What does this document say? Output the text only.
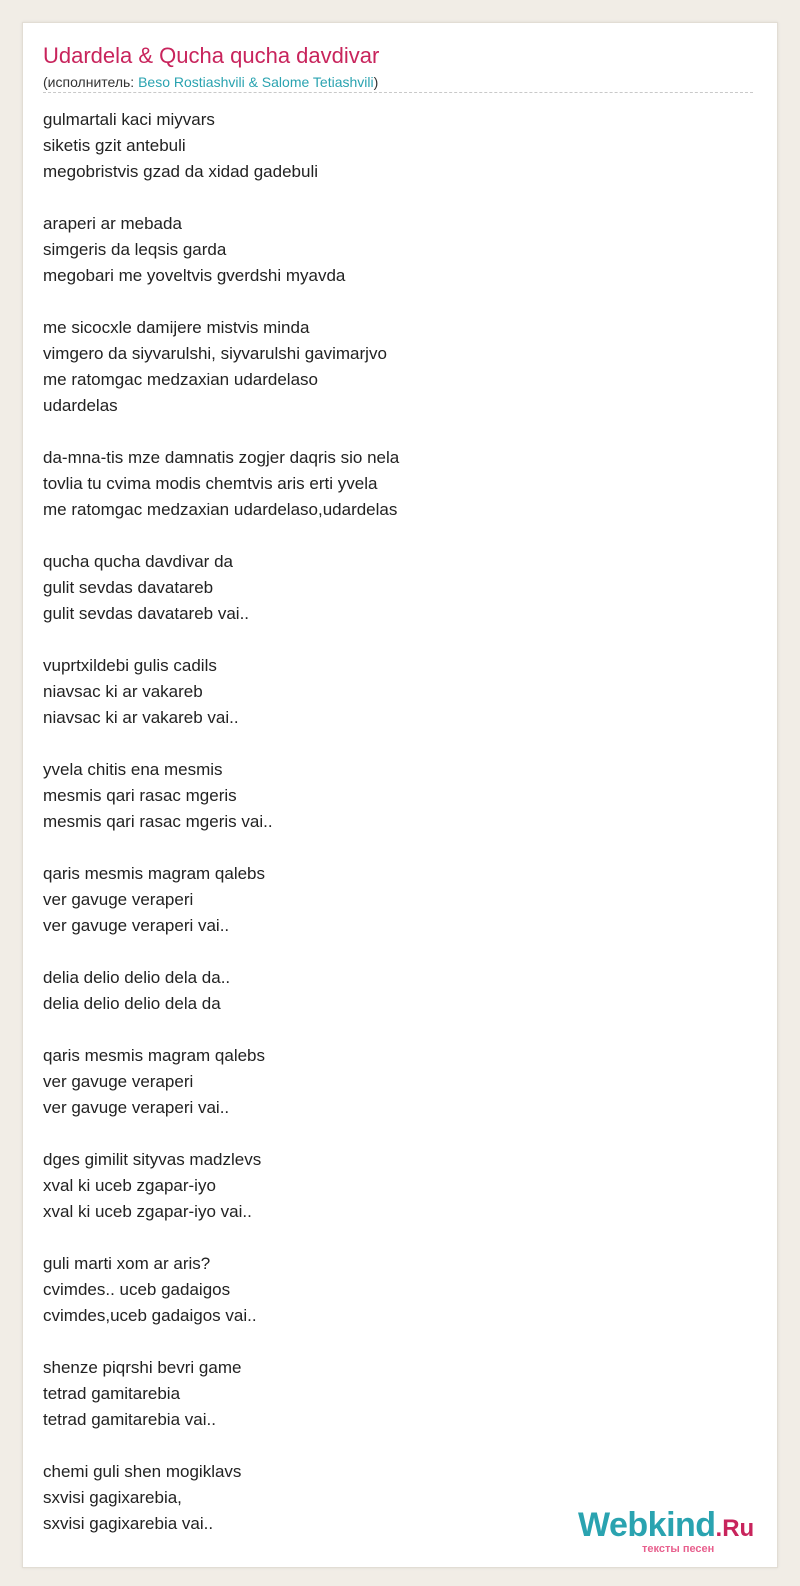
Udardela & Qucha qucha davdivar
(исполнитель: Beso Rostiashvili & Salome Tetiashvili)
gulmartali kaci miyvars
siketis gzit antebuli
megobristvis gzad da xidad gadebuli
araperi ar mebada
simgeris da leqsis garda
megobari me yoveltvis gverdshi myavda
me sicocxle damijere mistvis minda
vimgero da siyvarulshi, siyvarulshi gavimarjvo
me ratomgac medzaxian udardelaso
udardelas
da-mna-tis mze damnatis zogjer daqris sio nela
tovlia tu cvima modis chemtvis aris erti yvela
me ratomgac medzaxian udardelaso,udardelas
qucha qucha davdivar da
gulit sevdas davatareb
gulit sevdas davatareb vai..
vuprtxildebi gulis cadils
niavsac ki ar vakareb
niavsac ki ar vakareb vai..
yvela chitis ena mesmis
mesmis qari rasac mgeris
mesmis qari rasac mgeris vai..
qaris mesmis magram qalebs
ver gavuge veraperi
ver gavuge veraperi vai..
delia delio delio dela da..
delia delio delio dela da
qaris mesmis magram qalebs
ver gavuge veraperi
ver gavuge veraperi vai..
dges gimilit sityvas madzlevs
xval ki uceb zgapar-iyo
xval ki uceb zgapar-iyo vai..
guli marti xom ar aris?
cvimdes.. uceb gadaigos
cvimdes,uceb gadaigos vai..
shenze piqrshi bevri game
tetrad gamitarebia
tetrad gamitarebia vai..
chemi guli shen mogiklavs
sxvisi gagixarebia,
sxvisi gagixarebia vai..	Webkind.Ru
тексты песен
